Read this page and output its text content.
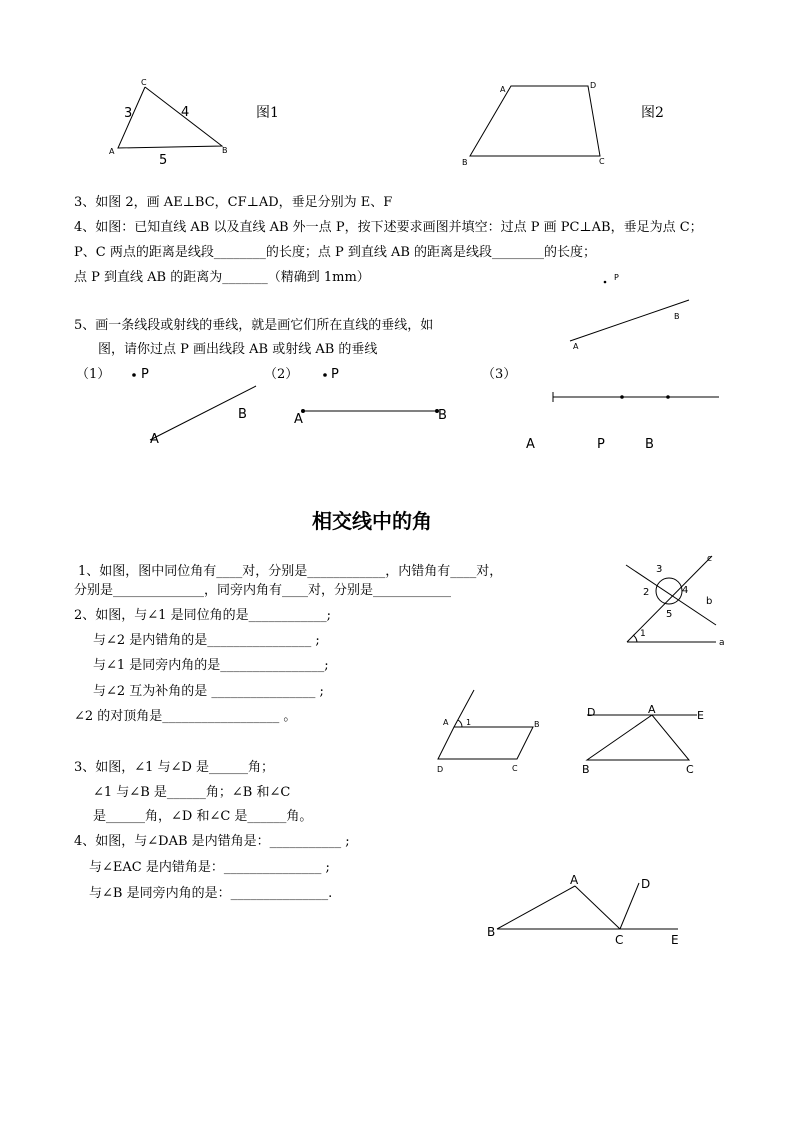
C
A	B
3	4
5
图1
A	D
B	C
图2
P
B
A
（1） P
B
A
（2）	P
A	B
（3）
A	P	B
c
3
2	4
b
5
1
a
A 1	B
D	C
D	A	E
B	C
A	D
B
C	E
3、如图 2，画 AE⊥BC，CF⊥AD，垂足分别为 E、F
4、如图：已知直线 AB 以及直线 AB 外一点 P，按下述要求画图并填空：过点 P 画 PC⊥AB，垂足为点 C；
P、C 两点的距离是线段________的长度；点 P 到直线 AB 的距离是线段________的长度；
点 P 到直线 AB 的距离为_______（精确到 1mm）
5、画一条线段或射线的垂线，就是画它们所在直线的垂线，如
图，请你过点 P 画出线段 AB 或射线 AB 的垂线
相交线中的角
1、如图，图中同位角有____对，分别是____________，内错角有____对，
分别是______________，同旁内角有____对，分别是____________
2、如图，与∠1 是同位角的是____________;
与∠2 是内错角的是________________ ;
与∠1 是同旁内角的是________________;
与∠2 互为补角的是 ________________ ;
∠2 的对顶角是__________________ 。
3、如图，∠1 与∠D 是______角；
∠1 与∠B 是______角；∠B 和∠C
是______角，∠D 和∠C 是______角。
4、如图，与∠DAB 是内错角是：___________ ;
与∠EAC 是内错角是：_______________ ;
与∠B 是同旁内角的是：_______________.
